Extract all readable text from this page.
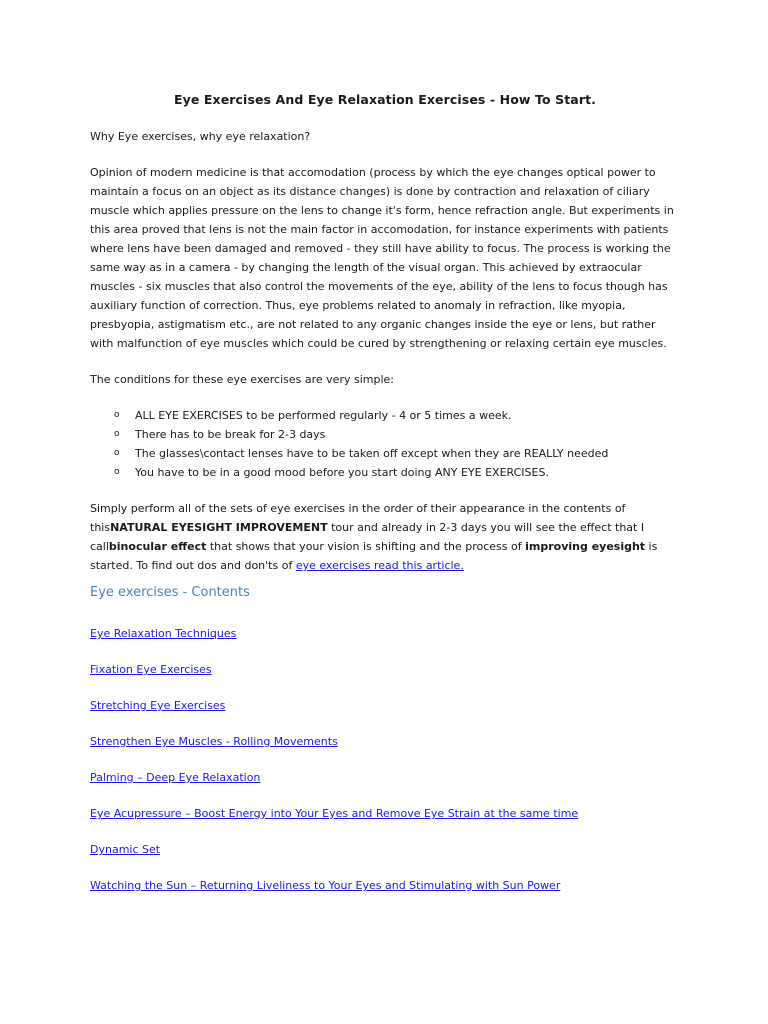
Eye Exercises And Eye Relaxation Exercises - How To Start.

Why Eye exercises, why eye relaxation?

Opinion of modern medicine is that accomodation (process by which the eye changes optical power to maintain a focus on an object as its distance changes) is done by contraction and relaxation of ciliary muscle which applies pressure on the lens to change it's form, hence refraction angle. But experiments in this area proved that lens is not the main factor in accomodation, for instance experiments with patients where lens have been damaged and removed - they still have ability to focus. The process is working the same way as in a camera - by changing the length of the visual organ. This achieved by extraocular muscles - six muscles that also control the movements of the eye, ability of the lens to focus though has auxiliary function of correction. Thus, eye problems related to anomaly in refraction, like myopia, presbyopia, astigmatism etc., are not related to any organic changes inside the eye or lens, but rather with malfunction of eye muscles which could be cured by strengthening or relaxing certain eye muscles.

The conditions for these eye exercises are very simple:

o ALL EYE EXERCISES to be performed regularly - 4 or 5 times a week.
o There has to be break for 2-3 days
o The glasses\contact lenses have to be taken off except when they are REALLY needed
o You have to be in a good mood before you start doing ANY EYE EXERCISES.

Simply perform all of the sets of eye exercises in the order of their appearance in the contents of thisNATURAL EYESIGHT IMPROVEMENT tour and already in 2-3 days you will see the effect that I callbinocular effect that shows that your vision is shifting and the process of improving eyesight is started. To find out dos and don'ts of eye exercises read this article.

Eye exercises - Contents
Eye Relaxation Techniques
Fixation Eye Exercises
Stretching Eye Exercises
Strengthen Eye Muscles - Rolling Movements
Palming – Deep Eye Relaxation
Eye Acupressure – Boost Energy into Your Eyes and Remove Eye Strain at the same time
Dynamic Set
Watching the Sun – Returning Liveliness to Your Eyes and Stimulating with Sun Power
